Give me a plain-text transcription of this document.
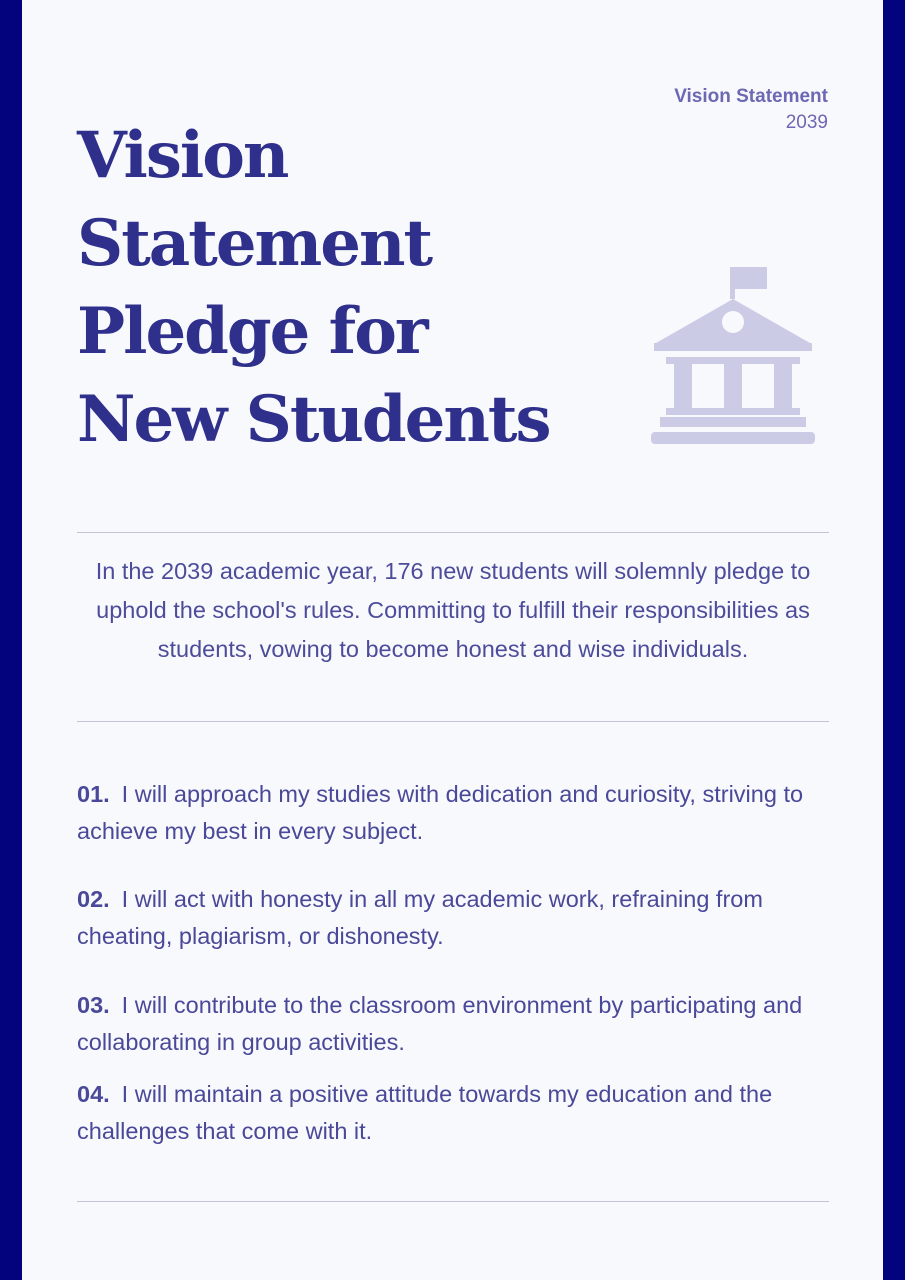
Vision Statement
2039
Vision
Statement
Pledge for
New Students

In the 2039 academic year, 176 new students will solemnly pledge to uphold the school's rules. Committing to fulfill their responsibilities as students, vowing to become honest and wise individuals.

01. I will approach my studies with dedication and curiosity, striving to achieve my best in every subject.
02. I will act with honesty in all my academic work, refraining from cheating, plagiarism, or dishonesty.
03. I will contribute to the classroom environment by participating and collaborating in group activities.
04. I will maintain a positive attitude towards my education and the challenges that come with it.
